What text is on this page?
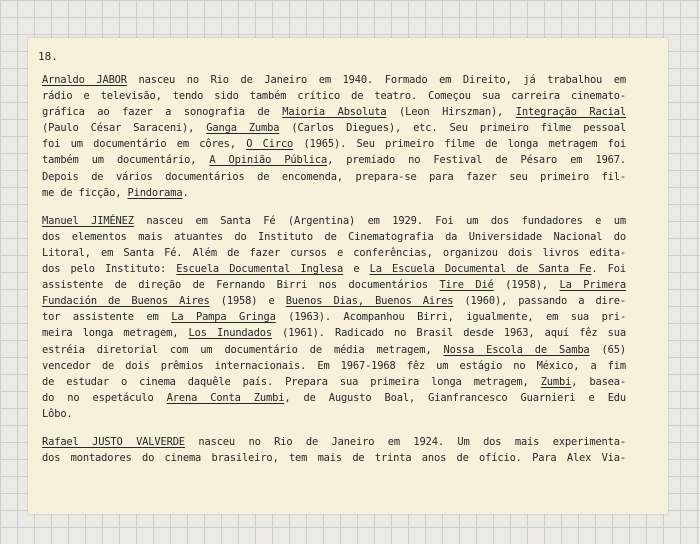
18.

Arnaldo JABOR nasceu no Rio de Janeiro em 1940. Formado em Direito, já trabalhou em
rádio e televisão, tendo sido também crítico de teatro. Começou sua carreira cinemato-
gráfica ao fazer a sonografia de Maioria Absoluta (Leon Hirszman), Integração Racial
(Paulo César Saraceni), Ganga Zumba (Carlos Diegues), etc. Seu primeiro filme pessoal
foi um documentário em côres, O Circo (1965). Seu primeiro filme de longa metragem foi
também um documentário, A Opinião Pública, premiado no Festival de Pésaro em 1967.
Depois de vários documentários de encomenda, prepara-se para fazer seu primeiro fil-
me de ficção, Pindorama.

Manuel JIMÉNEZ nasceu em Santa Fé (Argentina) em 1929. Foi um dos fundadores e um
dos elementos mais atuantes do Instituto de Cinematografia da Universidade Nacional do
Litoral, em Santa Fé. Além de fazer cursos e conferências, organizou dois livros edita-
dos pelo Instituto: Escuela Documental Inglesa e La Escuela Documental de Santa Fe. Foi
assistente de direção de Fernando Birri nos documentários Tire Dié (1958), La Primera
Fundación de Buenos Aires (1958) e Buenos Dias, Buenos Aires (1960), passando a dire-
tor assistente em La Pampa Gringa (1963). Acompanhou Birri, igualmente, em sua pri-
meira longa metragem, Los Inundados (1961). Radicado no Brasil desde 1963, aquí fêz sua
estréia diretorial com um documentário de média metragem, Nossa Escola de Samba (65)
vencedor de dois prêmios internacionais. Em 1967-1968 fêz um estágio no México, a fim
de estudar o cinema daquêle país. Prepara sua primeira longa metragem, Zumbi, basea-
do no espetáculo Arena Conta Zumbi, de Augusto Boal, Gianfrancesco Guarnieri e Edu
Lôbo.

Rafael JUSTO VALVERDE nasceu no Rio de Janeiro em 1924. Um dos mais experimenta-
dos montadores do cinema brasileiro, tem mais de trinta anos de ofício. Para Alex Via-
